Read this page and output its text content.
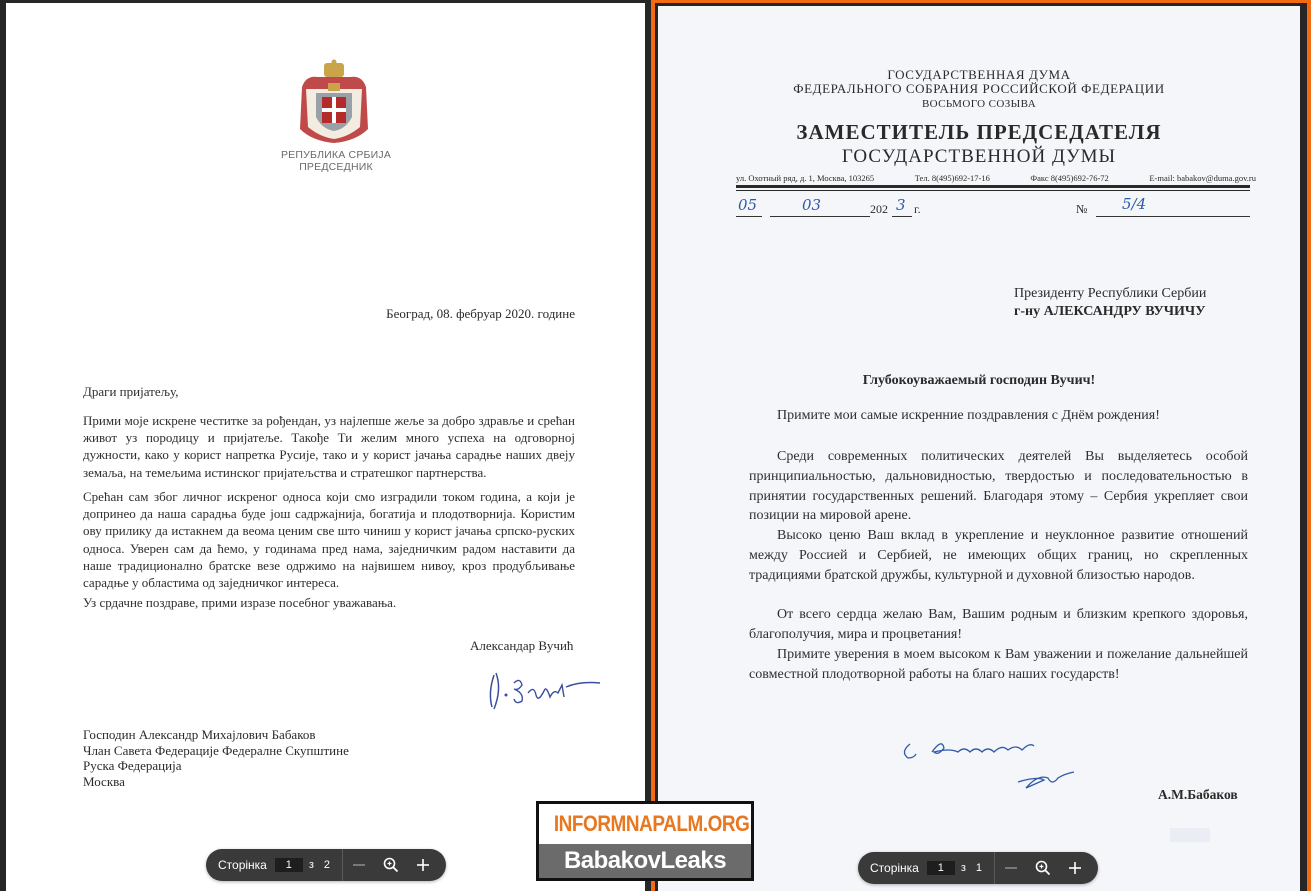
РЕПУБЛИКА СРБИЈА
ПРЕДСЕДНИК
Београд, 08. фебруар 2020. године
Драги пријатељу,
Прими моје искрене честитке за рођендан, уз најлепше жеље за добро здравље и срећан живот уз породицу и пријатеље. Такође Ти желим много успеха на одговорној дужности, како у корист напретка Русије, тако и у корист јачања сарадње наших двеју земаља, на темељима истинског пријатељства и стратешког партнерства.
Срећан сам због личног искреног односа који смо изградили током година, а који је допринео да наша сарадња буде још садржајнија, богатија и плодотворнија. Користим ову прилику да истакнем да веома ценим све што чиниш у корист јачања српско-руских односа. Уверен сам да ћемо, у годинама пред нама, заједничким радом наставити да наше традиционално братске везе одржимо на највишем нивоу, кроз продубљивање сарадње у областима од заједничког интереса.
Уз срдачне поздраве, прими изразе посебног уважавања.
Александар Вучић
Господин Александр Михајлович Бабаков
Члан Савета Федерације Федералне Скупштине
Руска Федерација
Москва
ГОСУДАРСТВЕННАЯ ДУМА
ФЕДЕРАЛЬНОГО СОБРАНИЯ РОССИЙСКОЙ ФЕДЕРАЦИИ
ВОСЬМОГО СОЗЫВА
ЗАМЕСТИТЕЛЬ ПРЕДСЕДАТЕЛЯ
ГОСУДАРСТВЕННОЙ ДУМЫ
ул. Охотный ряд, д. 1, Москва, 103265	Тел. 8(495)692-17-16	Факс 8(495)692-76-72	E-mail: babakov@duma.gov.ru
05	03	202 3 г.	№ 5/4
Президенту Республики Сербии
г-ну АЛЕКСАНДРУ ВУЧИЧУ
Глубокоуважаемый господин Вучич!
Примите мои самые искренние поздравления с Днём рождения!
Среди современных политических деятелей Вы выделяетесь особой принципиальностью, дальновидностью, твердостью и последовательностью в принятии государственных решений. Благодаря этому – Сербия укрепляет свои позиции на мировой арене.
Высоко ценю Ваш вклад в укрепление и неуклонное развитие отношений между Россией и Сербией, не имеющих общих границ, но скрепленных традициями братской дружбы, культурной и духовной близостью народов.
От всего сердца желаю Вам, Вашим родным и близким крепкого здоровья, благополучия, мира и процветания!
Примите уверения в моем высоком к Вам уважении и пожелание дальнейшей совместной плодотворной работы на благо наших государств!
А.М.Бабаков
Сторінка	1	з 2	Сторінка	1	з 1
INFORMNAPALM.ORG
BabakovLeaks
